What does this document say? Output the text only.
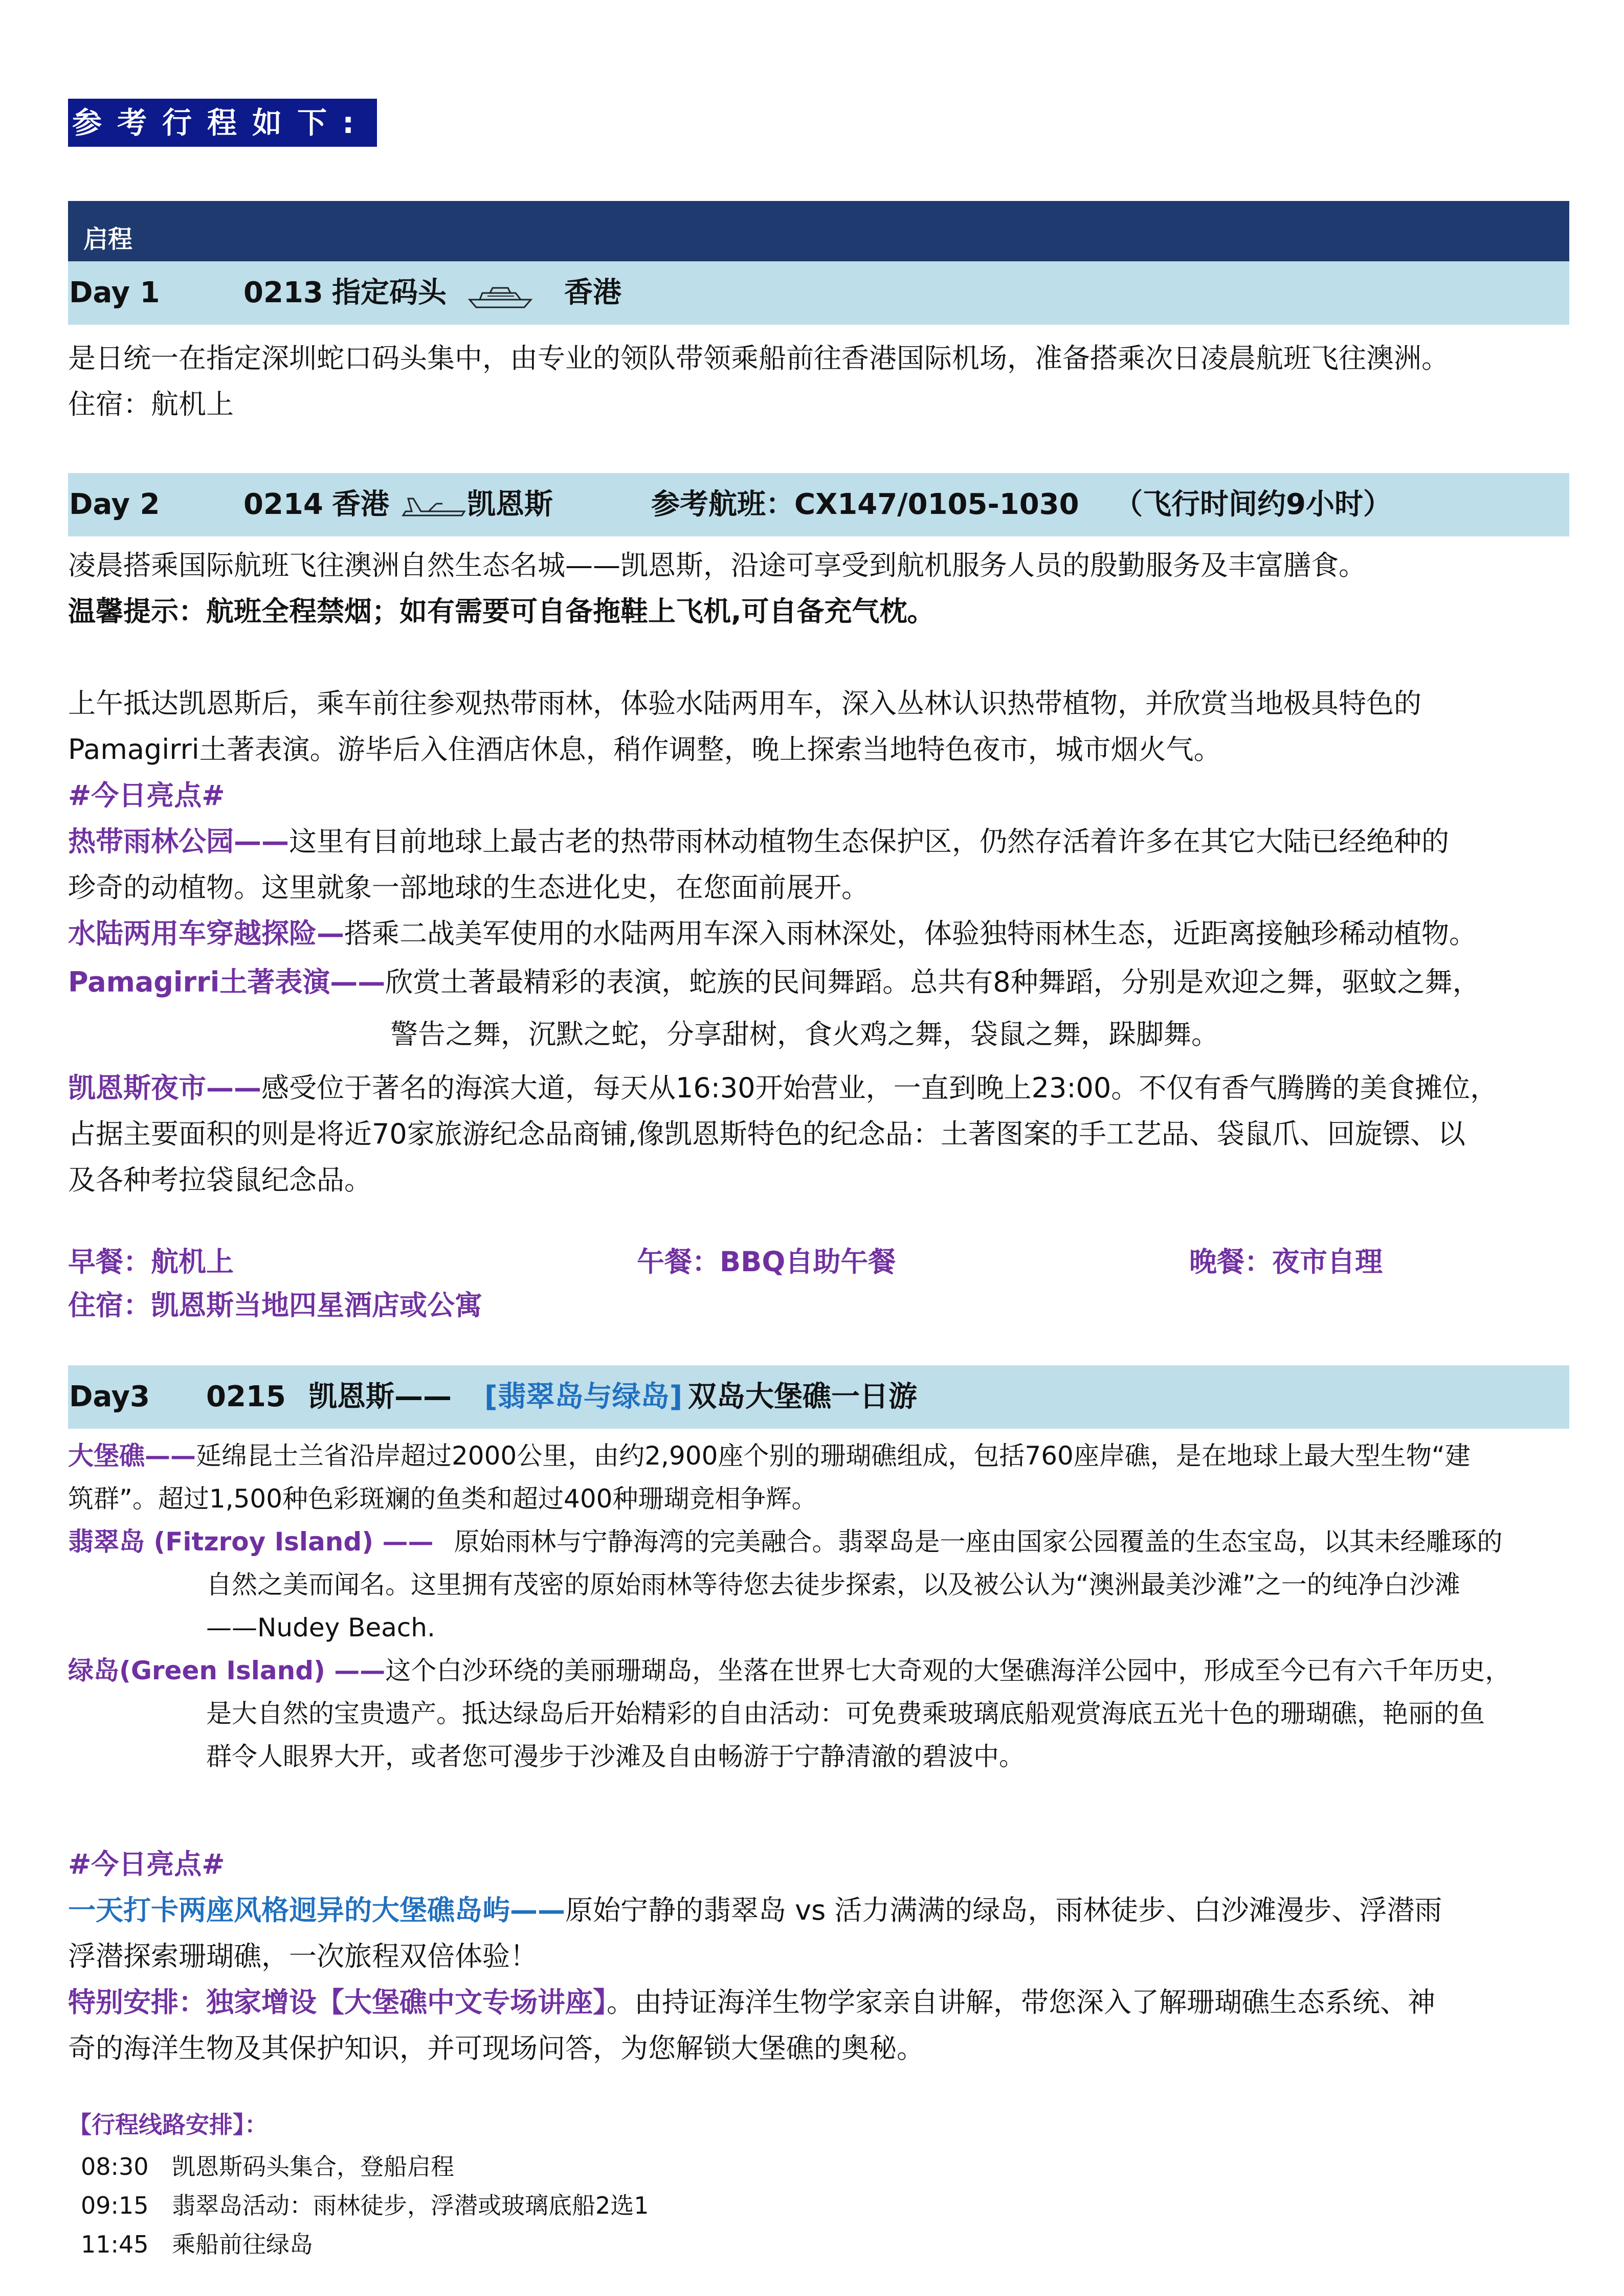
参考行程如下:
启程
Day 1	0213 指定码头	香港

是日统一在指定深圳蛇口码头集中，由专业的领队带领乘船前往香港国际机场，准备搭乘次日凌晨航班飞往澳洲。

住宿：航机上

Day 2	0214 香港	凯恩斯	参考航班：CX147/0105-1030 （飞行时间约9小时）

凌晨搭乘国际航班飞往澳洲自然生态名城——凯恩斯，沿途可享受到航机服务人员的殷勤服务及丰富膳食。

温馨提示：航班全程禁烟；如有需要可自备拖鞋上飞机,可自备充气枕。

上午抵达凯恩斯后，乘车前往参观热带雨林，体验水陆两用车，深入丛林认识热带植物，并欣赏当地极具特色的

Pamagirri土著表演。游毕后入住酒店休息，稍作调整，晚上探索当地特色夜市，城市烟火气。

#今日亮点#

热带雨林公园——这里有目前地球上最古老的热带雨林动植物生态保护区，仍然存活着许多在其它大陆已经绝种的

珍奇的动植物。这里就象一部地球的生态进化史，在您面前展开。

水陆两用车穿越探险—搭乘二战美军使用的水陆两用车深入雨林深处，体验独特雨林生态，近距离接触珍稀动植物。

Pamagirri土著表演——欣赏土著最精彩的表演，蛇族的民间舞蹈。总共有8种舞蹈，分别是欢迎之舞，驱蚊之舞，

警告之舞，沉默之蛇，分享甜树，食火鸡之舞，袋鼠之舞，跺脚舞。

凯恩斯夜市——感受位于著名的海滨大道，每天从16:30开始营业，一直到晚上23:00。不仅有香气腾腾的美食摊位，

占据主要面积的则是将近70家旅游纪念品商铺,像凯恩斯特色的纪念品：土著图案的手工艺品、袋鼠爪、回旋镖、以

及各种考拉袋鼠纪念品。

早餐：航机上	午餐：BBQ自助午餐	晚餐：夜市自理

住宿：凯恩斯当地四星酒店或公寓

Day3 0215 凯恩斯—— [翡翠岛与绿岛] 双岛大堡礁一日游

大堡礁——延绵昆士兰省沿岸超过2000公里，由约2,900座个别的珊瑚礁组成，包括760座岸礁，是在地球上最大型生物“建

筑群”。超过1,500种色彩斑斓的鱼类和超过400种珊瑚竞相争辉。

翡翠岛 (Fitzroy Island) —— 原始雨林与宁静海湾的完美融合。翡翠岛是一座由国家公园覆盖的生态宝岛，以其未经雕琢的

自然之美而闻名。这里拥有茂密的原始雨林等待您去徒步探索，以及被公认为“澳洲最美沙滩”之一的纯净白沙滩

——Nudey Beach.

绿岛(Green Island) ——这个白沙环绕的美丽珊瑚岛，坐落在世界七大奇观的大堡礁海洋公园中，形成至今已有六千年历史，

是大自然的宝贵遗产。抵达绿岛后开始精彩的自由活动：可免费乘玻璃底船观赏海底五光十色的珊瑚礁，艳丽的鱼

群令人眼界大开，或者您可漫步于沙滩及自由畅游于宁静清澈的碧波中。

#今日亮点#

一天打卡两座风格迥异的大堡礁岛屿——原始宁静的翡翠岛 vs 活力满满的绿岛，雨林徒步、白沙滩漫步、浮潜雨

浮潜探索珊瑚礁，一次旅程双倍体验！

特别安排：独家增设【大堡礁中文专场讲座】。由持证海洋生物学家亲自讲解，带您深入了解珊瑚礁生态系统、神

奇的海洋生物及其保护知识，并可现场问答，为您解锁大堡礁的奥秘。

【行程线路安排】：

08:30 凯恩斯码头集合，登船启程
09:15 翡翠岛活动：雨林徒步，浮潜或玻璃底船2选1
11:45 乘船前往绿岛
